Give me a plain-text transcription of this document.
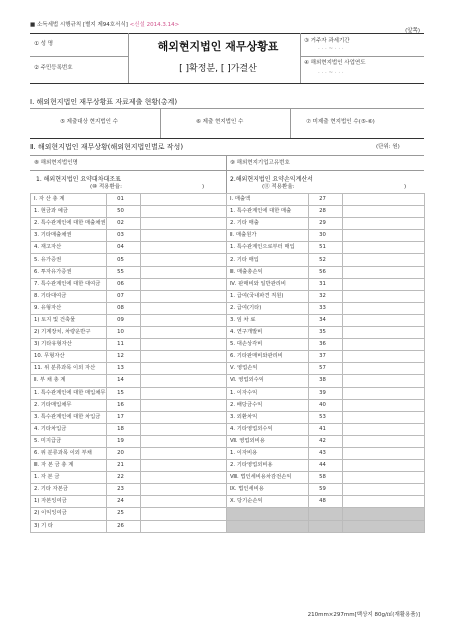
■ 소득세법 시행규칙 [별지 제94호서식] <신설 2014.3.14>
(앞쪽)
① 성 명
② 주민등록번호
해외현지법인 재무상황표
[ ]확정분, [ ]가결산
③ 거주자 과세기간
· · · ~ · · ·
④ 해외현지법인 사업연도
· · · ~ · · ·
Ⅰ. 해외현지법인 재무상황표 자료제출 현황(총계)
⑤ 제출대상 현지법인 수	⑥ 제출 현지법인 수	⑦ 미제출 현지법인 수(⑤-⑥)
Ⅱ. 해외현지법인 재무상황(해외현지법인별로 작성)	(단위: 원)
⑧ 해외현지법인명	⑨ 해외현지기업고유번호
1. 해외현지법인 요약대차대조표
(⑩ 적용환율:	)
2.해외현지법인 요약손익계산서
(⑪ 적용환율:	)
Ⅰ. 자 산 총 계	01		Ⅰ. 매출액	27	
1. 현금과 예금	50		1. 특수관계인에 대한 매출	28	
2. 특수관계인에 대한 매출채권	02		2. 기타 매출	29	
3. 기타매출채권	03		Ⅱ. 매출원가	30	
4. 재고자산	04		1. 특수관계인으로부터 매입	51	
5. 유가증권	05		2. 기타 매입	52	
6. 투자유가증권	55		Ⅲ. 매출총손익	56	
7. 특수관계인에 대한 대여금	06		Ⅳ. 판매비와 일반관리비	31	
8. 기타대여금	07		1. 급여(국내파견 직원)	32	
9. 유형자산	08		2. 급여(기타)	33	
1) 토지 및 건축물	09		3. 임 차 료	34	
2) 기계장치, 차량운반구	10		4. 연구개발비	35	
3) 기타유형자산	11		5. 대손상각비	36	
10. 무형자산	12		6. 기타판매비와관리비	37	
11. 위 분류과목 이외 자산	13		Ⅴ. 영업손익	57	
Ⅱ. 부 채 총 계	14		Ⅵ. 영업외수익	38	
1. 특수관계인에 대한 매입채무	15		1. 이자수익	39	
2. 기타매입채무	16		2. 배당금수익	40	
3. 특수관계인에 대한 차입금	17		3. 외환차익	53	
4. 기타차입금	18		4. 기타영업외수익	41	
5. 미지급금	19		Ⅶ. 영업외비용	42	
6. 위 분류과목 이외 부채	20		1. 이자비용	43	
Ⅲ. 자 본 금 총 계	21		2. 기타영업외비용	44	
1. 자 본 금	22		Ⅷ. 법인세비용차감전손익	58	
2. 기타 자본금	23		Ⅸ. 법인세비용	59	
1) 자본잉여금	24		Ⅹ. 당기순손익	48	
2) 이익잉여금	25				
3) 기 타	26				
210mm×297mm[백상지 80g/㎡(재활용품)]
